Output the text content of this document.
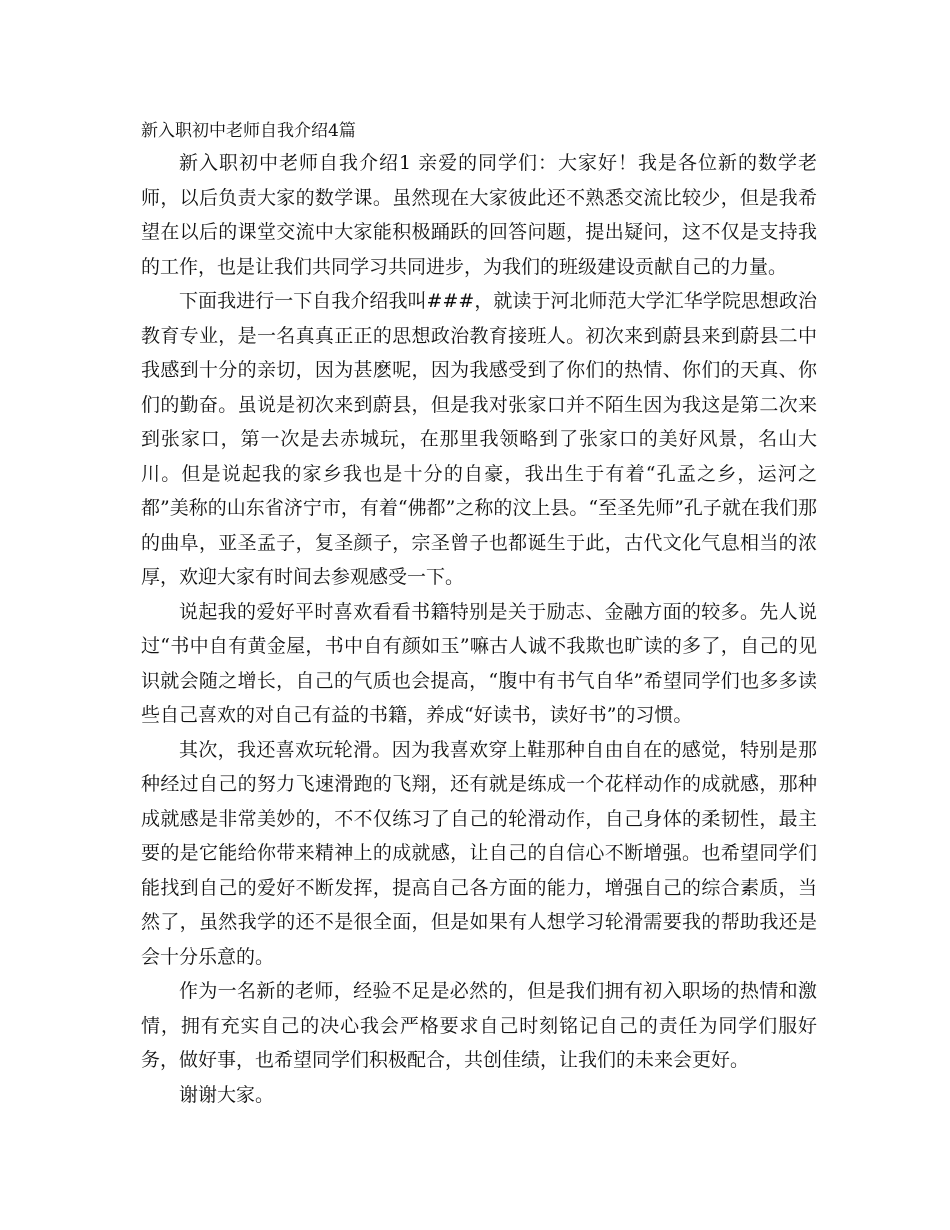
新入职初中老师自我介绍4篇

新入职初中老师自我介绍1 亲爱的同学们：大家好！我是各位新的数学老师，以后负责大家的数学课。虽然现在大家彼此还不熟悉交流比较少，但是我希望在以后的课堂交流中大家能积极踊跃的回答问题，提出疑问，这不仅是支持我的工作，也是让我们共同学习共同进步，为我们的班级建设贡献自己的力量。

下面我进行一下自我介绍我叫###，就读于河北师范大学汇华学院思想政治教育专业，是一名真真正正的思想政治教育接班人。初次来到蔚县来到蔚县二中我感到十分的亲切，因为甚麽呢，因为我感受到了你们的热情、你们的天真、你们的勤奋。虽说是初次来到蔚县，但是我对张家口并不陌生因为我这是第二次来到张家口，第一次是去赤城玩，在那里我领略到了张家口的美好风景，名山大川。但是说起我的家乡我也是十分的自豪，我出生于有着“孔孟之乡，运河之都”美称的山东省济宁市，有着“佛都”之称的汶上县。“至圣先师”孔子就在我们那的曲阜，亚圣孟子，复圣颜子，宗圣曾子也都诞生于此，古代文化气息相当的浓厚，欢迎大家有时间去参观感受一下。

说起我的爱好平时喜欢看看书籍特别是关于励志、金融方面的较多。先人说过“书中自有黄金屋，书中自有颜如玉”嘛古人诚不我欺也旷读的多了，自己的见识就会随之增长，自己的气质也会提高，“腹中有书气自华”希望同学们也多多读些自己喜欢的对自己有益的书籍，养成“好读书，读好书”的习惯。

其次，我还喜欢玩轮滑。因为我喜欢穿上鞋那种自由自在的感觉，特别是那种经过自己的努力飞速滑跑的飞翔，还有就是练成一个花样动作的成就感，那种成就感是非常美妙的，不不仅练习了自己的轮滑动作，自己身体的柔韧性，最主要的是它能给你带来精神上的成就感，让自己的自信心不断增强。也希望同学们能找到自己的爱好不断发挥，提高自己各方面的能力，增强自己的综合素质，当然了，虽然我学的还不是很全面，但是如果有人想学习轮滑需要我的帮助我还是会十分乐意的。

作为一名新的老师，经验不足是必然的，但是我们拥有初入职场的热情和激情，拥有充实自己的决心我会严格要求自己时刻铭记自己的责任为同学们服好务，做好事，也希望同学们积极配合，共创佳绩，让我们的未来会更好。

谢谢大家。
